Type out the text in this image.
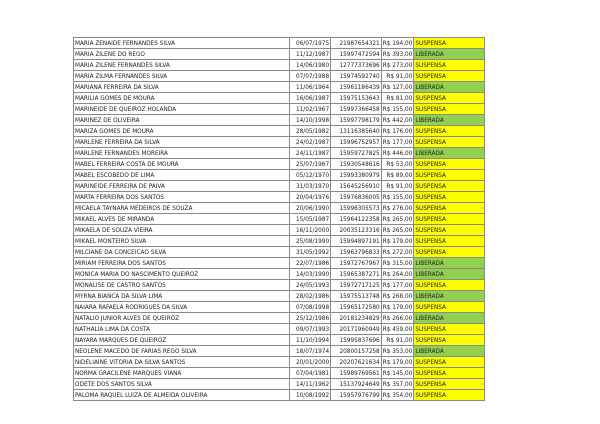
MARIA ZENAIDE FERNANDES SILVA	06/07/1975	21987654321	R$ 194,00	SUSPENSA
MARIA ZILENE DO REGO	11/12/1987	15997472594	R$ 393,00	LIBERADA
MARIA ZILENE FERNANDES SILVA	14/06/1980	12777373696	R$ 273,00	SUSPENSA
MARIA ZILMA FERNANDES SILVA	07/07/1988	15974592740	R$ 91,00	SUSPENSA
MARIANA FERREIRA DA SILVA	11/06/1964	15961186439	R$ 127,00	LIBERADA
MARILIA GOMES DE MOURA	16/06/1987	15975153643	R$ 81,00	SUSPENSA
MARINEIDE DE QUEIROZ HOLANDA	11/02/1967	15997366458	R$ 155,00	SUSPENSA
MARINEZ DE OLIVEIRA	14/10/1998	15997798179	R$ 442,00	LIBERADA
MARIZA GOMES DE MOURA	28/05/1982	13116385640	R$ 176,00	SUSPENSA
MARLENE FERREIRA DA SILVA	24/02/1987	15996752957	R$ 177,00	SUSPENSA
MARLENE FERNANDES MOREIRA	24/11/1987	15959727825	R$ 446,00	LIBERADA
MABEL FERREIRA COSTA DE MOURA	25/07/1967	15930548616	R$ 53,00	SUSPENSA
MABEL ESCOBEDO DE LIMA	05/12/1970	15993380979	R$ 89,00	SUSPENSA
MARINEIDE FERREIRA DE PAIVA	31/03/1970	15645256910	R$ 91,00	SUSPENSA
MARTA FERREIRA DOS SANTOS	20/04/1976	15976836005	R$ 155,00	SUSPENSA
MICAELA TAYNARA MEDEIROS DE SOUZA	20/06/1990	15996305573	R$ 276,00	SUSPENSA
MIKAEL ALVES DE MIRANDA	15/05/1987	15964122358	R$ 265,00	SUSPENSA
MIKAELA DE SOUZA VIEIRA	16/11/2000	20035123316	R$ 265,00	SUSPENSA
MIKAEL MONTEIRO SILVA	25/08/1990	15994897191	R$ 179,00	SUSPENSA
MILCIANE DA CONCEICAO SILVA	31/05/1992	15963796833	R$ 272,00	SUSPENSA
MIRIAM FERREIRA DOS SANTOS	22/07/1986	15972767967	R$ 315,00	LIBERADA
MONICA MARIA DO NASCIMENTO QUEIROZ	14/03/1990	15965387271	R$ 264,00	LIBERADA
MONALISE DE CASTRO SANTOS	24/05/1993	15972717125	R$ 177,00	SUSPENSA
MYRNA BIANCA DA SILVA LIMA	28/02/1986	15975513748	R$ 268,00	LIBERADA
NAIARA RAFAELA RODRIGUES DA SILVA	07/08/1998	15965172580	R$ 179,00	SUSPENSA
NATALIO JUNIOR ALVES DE QUEIROZ	25/12/1986	20181234829	R$ 266,00	LIBERADA
NATHALIA LIMA DA COSTA	09/07/1993	20171960949	R$ 459,00	SUSPENSA
NAYARA MARQUES DE QUEIROZ	11/10/1994	15995837696	R$ 91,00	SUSPENSA
NEOLENE MACEDO DE FARIAS REGO SILVA	18/07/1974	20800157258	R$ 353,00	LIBERADA
NIDELIAINE VITORIA DA SILVA SANTOS	20/01/2000	20207621634	R$ 179,00	SUSPENSA
NORMA GRACILENE MARQUES VIANA	07/04/1981	15989769561	R$ 145,00	SUSPENSA
ODETE DOS SANTOS SILVA	14/11/1962	15137924649	R$ 357,00	SUSPENSA
PALOMA RAQUEL LUIZA DE ALMEIDA OLIVEIRA	10/08/1992	15957976799	R$ 354,00	SUSPENSA
